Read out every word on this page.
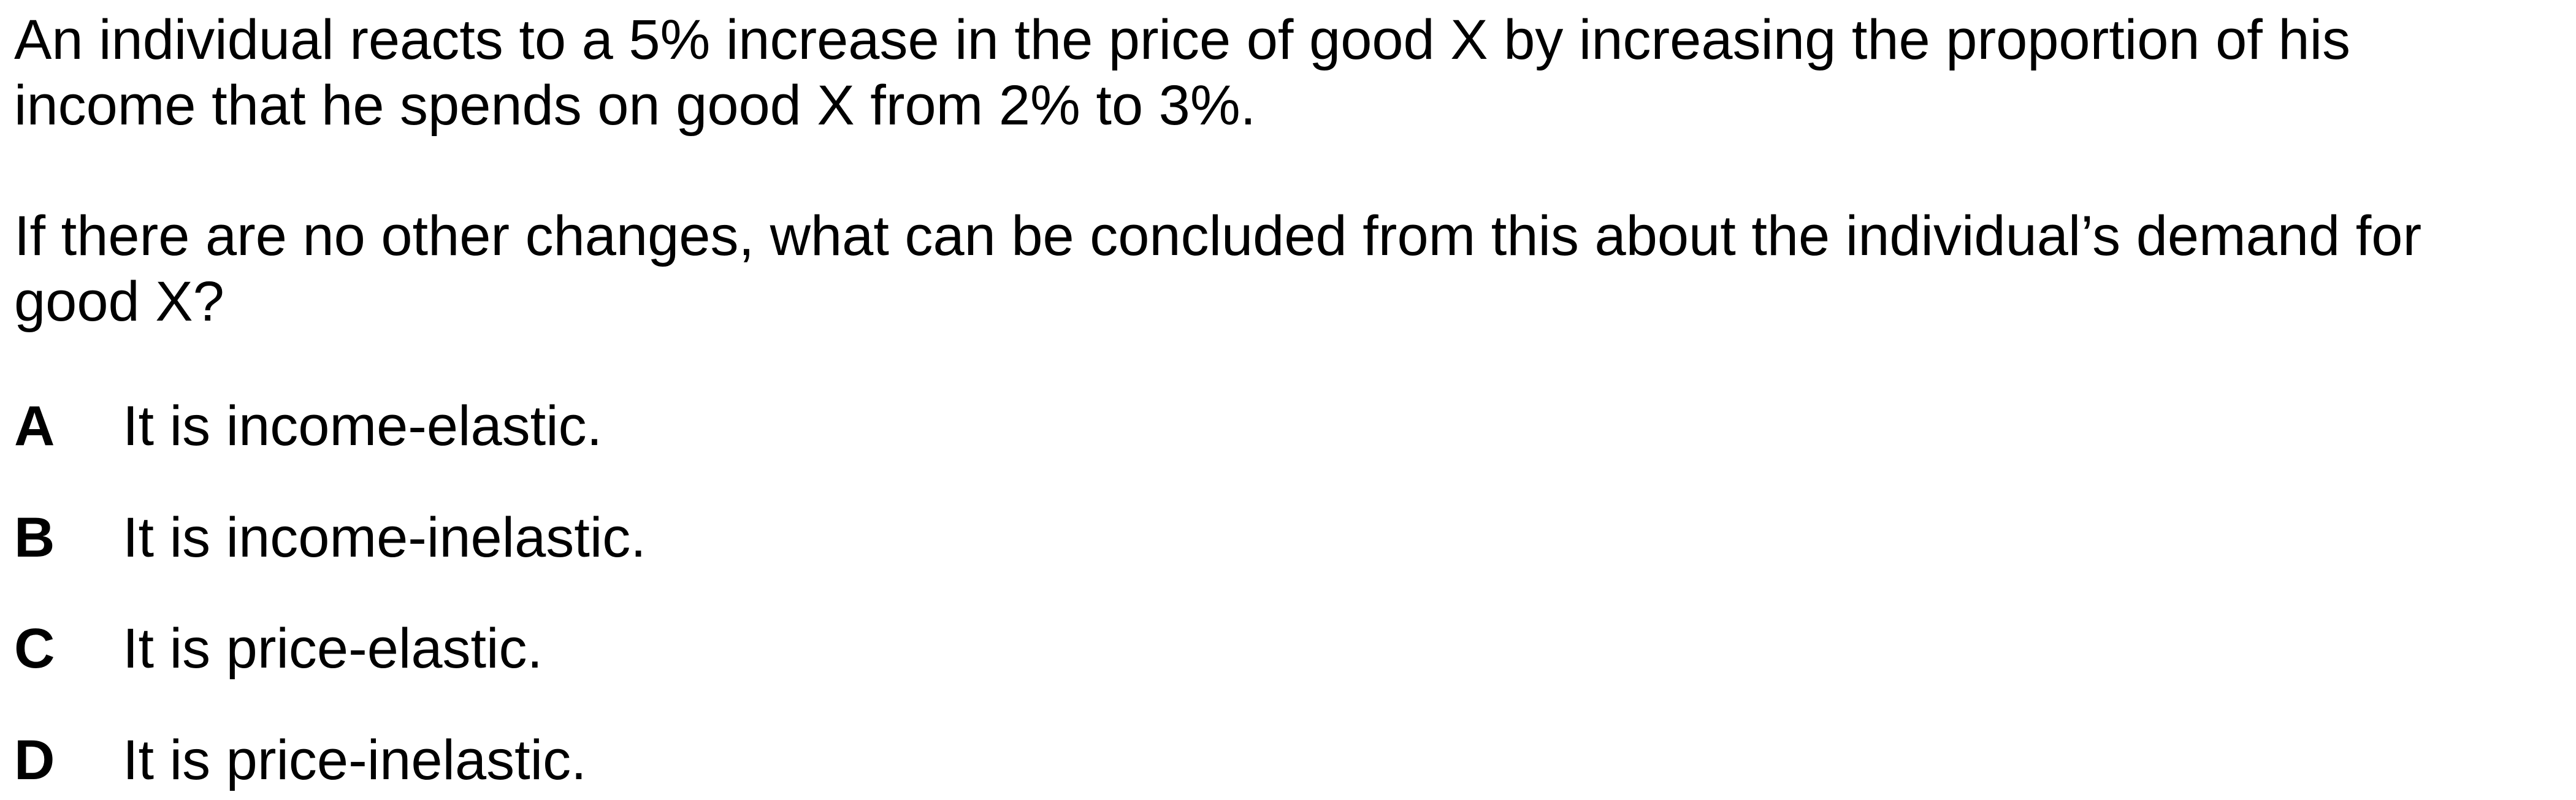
An individual reacts to a 5% increase in the price of good X by increasing the proportion of his
income that he spends on good X from 2% to 3%.

If there are no other changes, what can be concluded from this about the individual’s demand for
good X?

A It is income-elastic.
B It is income-inelastic.
C It is price-elastic.
D It is price-inelastic.
